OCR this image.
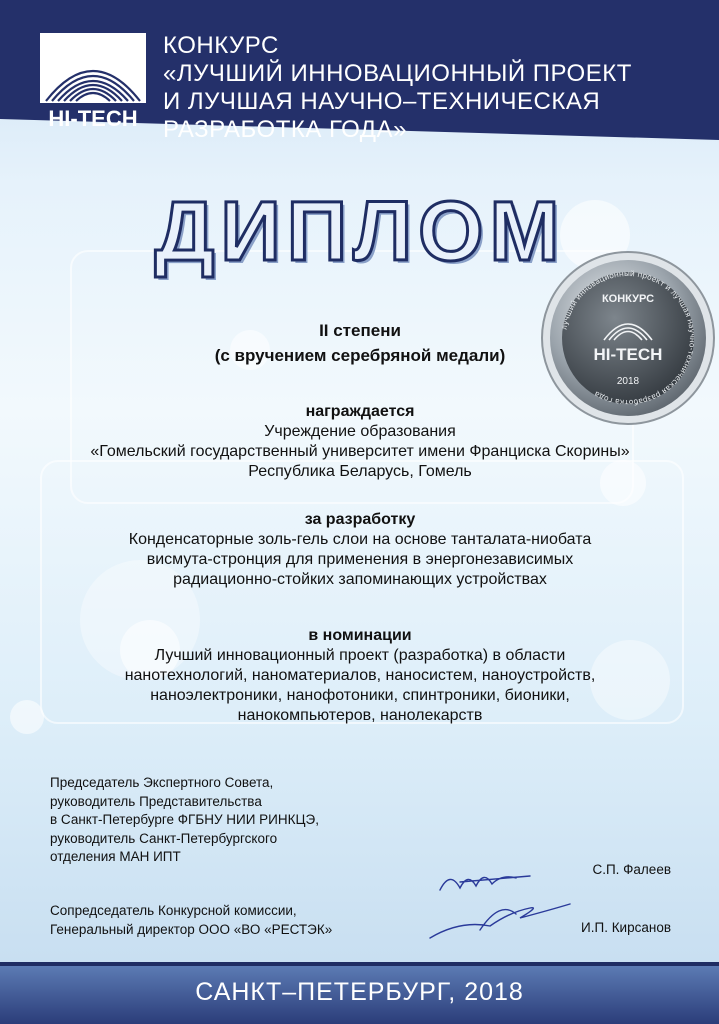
HI-TECH
КОНКУРС
«ЛУЧШИЙ ИННОВАЦИОННЫЙ ПРОЕКТ
И ЛУЧШАЯ НАУЧНО–ТЕХНИЧЕСКАЯ
РАЗРАБОТКА ГОДА»
ДИПЛОМ
лучший инновационный проект и лучшая научно-техническая разработка года
КОНКУРС
HI-TECH
2018
II степени
(с вручением серебряной медали)
награждается
Учреждение образования
«Гомельский государственный университет имени Франциска Скорины»
Республика Беларусь, Гомель
за разработку
Конденсаторные золь-гель слои на основе танталата-ниобата
висмута-стронция для применения в энергонезависимых
радиационно-стойких запоминающих устройствах
в номинации
Лучший инновационный проект (разработка) в области
нанотехнологий, наноматериалов, наносистем, наноустройств,
наноэлектроники, нанофотоники, спинтроники, бионики,
нанокомпьютеров, нанолекарств
Председатель Экспертного Совета,
руководитель Представительства
в Санкт-Петербурге ФГБНУ НИИ РИНКЦЭ,
руководитель Санкт-Петербургского
отделения МАН ИПТ
С.П. Фалеев
Сопредседатель Конкурсной комиссии,
Генеральный директор ООО «ВО «РЕСТЭК»	И.П. Кирсанов
САНКТ–ПЕТЕРБУРГ, 2018
